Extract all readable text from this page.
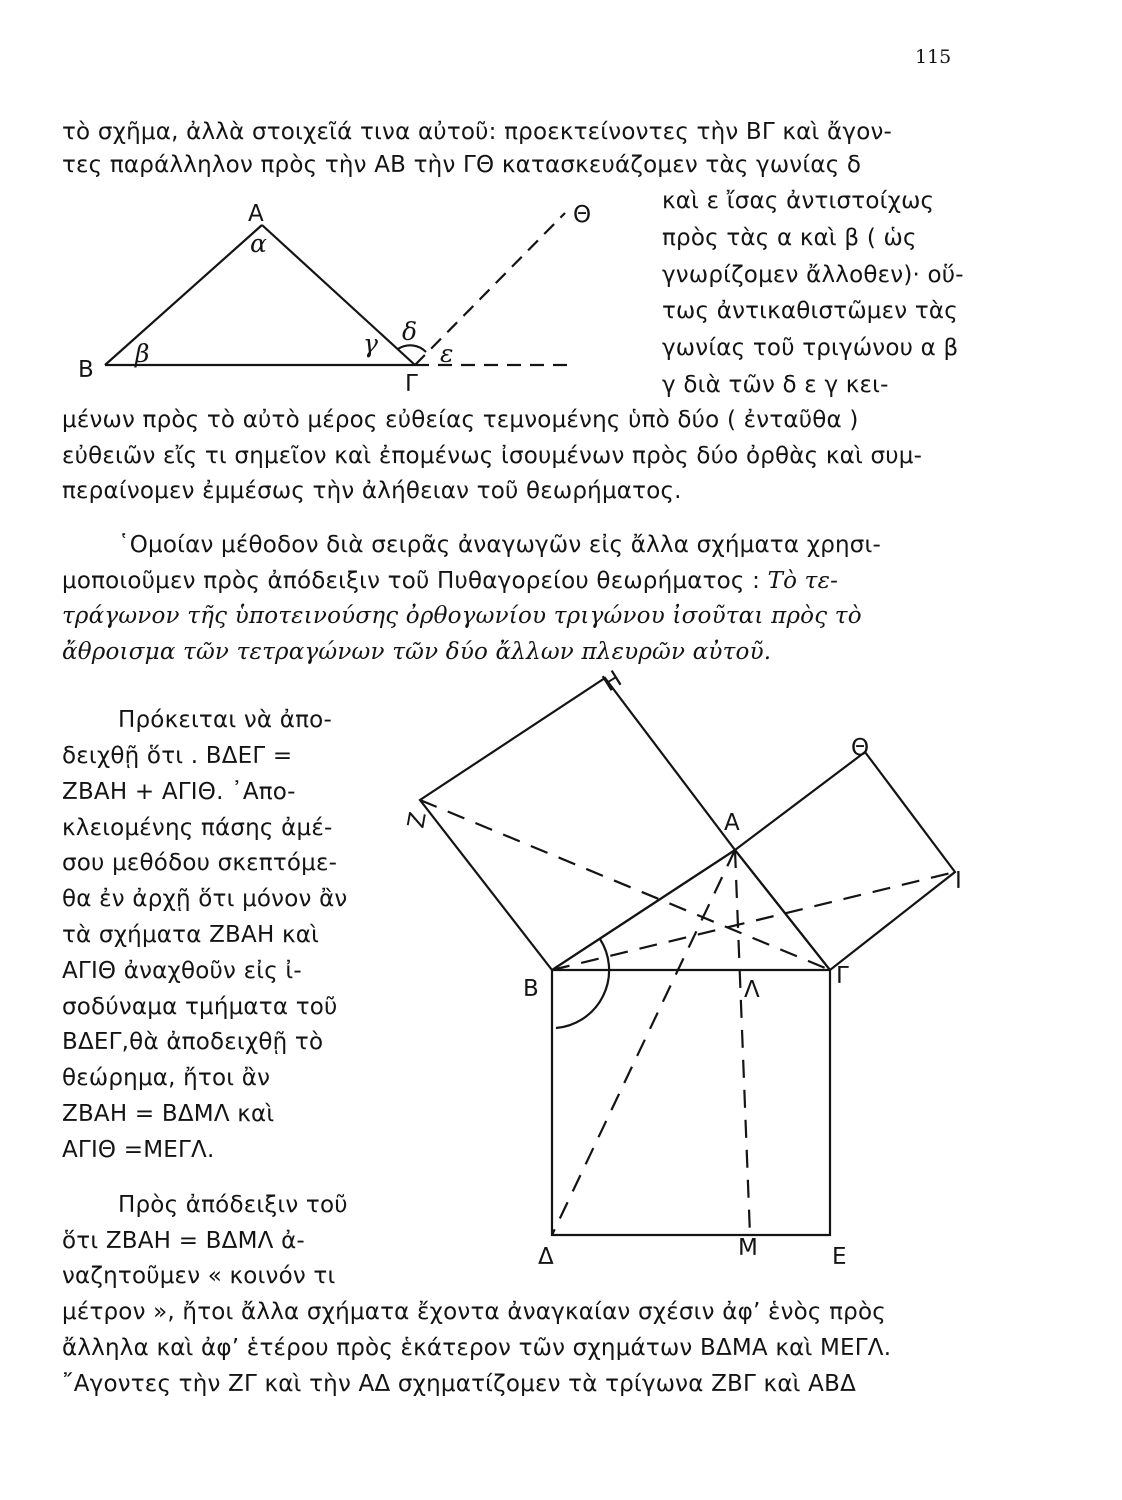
115
τὸ σχῆμα, ἀλλὰ στοιχεῖά τινα αὐτοῦ: προεκτείνοντες τὴν ΒΓ καὶ ἄγον-
τες παράλληλον πρὸς τὴν ΑΒ τὴν ΓΘ κατασκευάζομεν τὰς γωνίας δ
καὶ ε ἴσας ἀντιστοίχως
πρὸς τὰς α καὶ β ( ὡς
γνωρίζομεν ἄλλοθεν)· οὕ-
τως ἀντικαθιστῶμεν τὰς
γωνίας τοῦ τριγώνου α β
γ διὰ τῶν δ ε γ κει-
μένων πρὸς τὸ αὐτὸ μέρος εὐθείας τεμνομένης ὑπὸ δύο ( ἐνταῦθα )
εὐθειῶν εἴς τι σημεῖον καὶ ἐπομένως ἰσουμένων πρὸς δύο ὀρθὰς καὶ συμ-
περαίνομεν ἐμμέσως τὴν ἀλήθειαν τοῦ θεωρήματος.
῾Ομοίαν μέθοδον διὰ σειρᾶς ἀναγωγῶν εἰς ἄλλα σχήματα χρησι-
μοποιοῦμεν πρὸς ἀπόδειξιν τοῦ Πυθαγορείου θεωρήματος : Τὸ τε-
τράγωνον τῆς ὑποτεινούσης ὀρθογωνίου τριγώνου ἰσοῦται πρὸς τὸ
ἄθροισμα τῶν τετραγώνων τῶν δύο ἄλλων πλευρῶν αὐτοῦ.
Πρόκειται νὰ ἀπο-
δειχθῇ ὅτι . ΒΔΕΓ =
ΖΒΑΗ + ΑΓΙΘ. ᾿Απο-
κλειομένης πάσης ἀμέ-
σου μεθόδου σκεπτόμε-
θα ἐν ἀρχῇ ὅτι μόνον ἂν
τὰ σχήματα ΖΒΑΗ καὶ
ΑΓΙΘ ἀναχθοῦν εἰς ἰ-
σοδύναμα τμήματα τοῦ
ΒΔΕΓ,θὰ ἀποδειχθῇ τὸ
θεώρημα, ἤτοι ἂν
ΖΒΑΗ = ΒΔΜΛ καὶ
ΑΓΙΘ =ΜΕΓΛ.
Πρὸς ἀπόδειξιν τοῦ
ὅτι ΖΒΑΗ = ΒΔΜΛ ἀ-
ναζητοῦμεν « κοινόν τι
μέτρον », ἤτοι ἄλλα σχήματα ἔχοντα ἀναγκαίαν σχέσιν ἀφ’ ἑνὸς πρὸς
ἄλληλα καὶ ἀφ’ ἑτέρου πρὸς ἑκάτερον τῶν σχημάτων ΒΔΜΑ καὶ ΜΕΓΛ.
῎Αγοντες τὴν ΖΓ καὶ τὴν ΑΔ σχηματίζομεν τὰ τρίγωνα ΖΒΓ καὶ ΑΒΔ
Α
Β
Γ
Θ
α
β	γ δ
ε
Α
Β	Γ
Δ	Ε
Ζ
Η
Θ
Ι
Λ
Μ
